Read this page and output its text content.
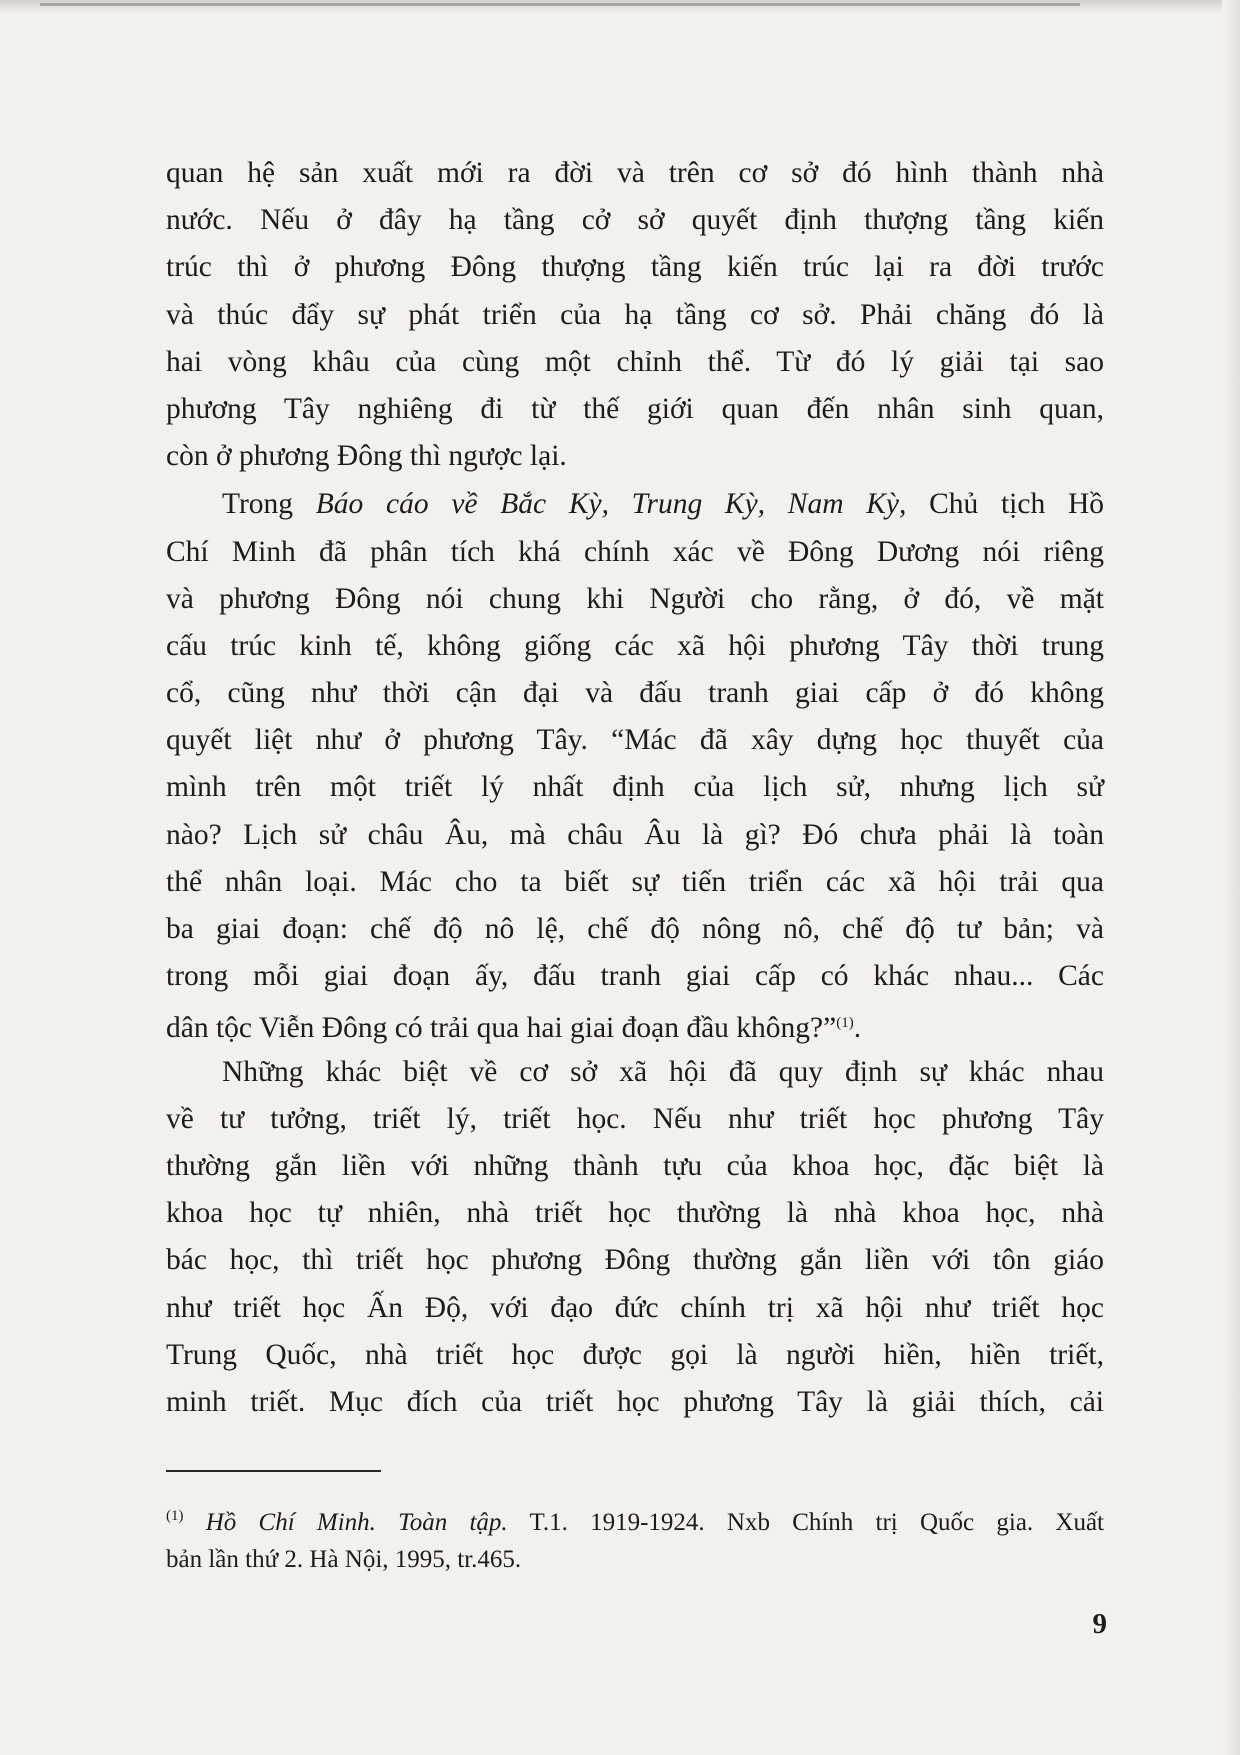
quan hệ sản xuất mới ra đời và trên cơ sở đó hình thành nhà
nước. Nếu ở đây hạ tầng cở sở quyết định thượng tầng kiến
trúc thì ở phương Đông thượng tầng kiến trúc lại ra đời trước
và thúc đẩy sự phát triển của hạ tầng cơ sở. Phải chăng đó là
hai vòng khâu của cùng một chỉnh thể. Từ đó lý giải tại sao
phương Tây nghiêng đi từ thế giới quan đến nhân sinh quan,
còn ở phương Đông thì ngược lại.
Trong Báo cáo về Bắc Kỳ, Trung Kỳ, Nam Kỳ, Chủ tịch Hồ
Chí Minh đã phân tích khá chính xác về Đông Dương nói riêng
và phương Đông nói chung khi Người cho rằng, ở đó, về mặt
cấu trúc kinh tế, không giống các xã hội phương Tây thời trung
cổ, cũng như thời cận đại và đấu tranh giai cấp ở đó không
quyết liệt như ở phương Tây. “Mác đã xây dựng học thuyết của
mình trên một triết lý nhất định của lịch sử, nhưng lịch sử
nào? Lịch sử châu Âu, mà châu Âu là gì? Đó chưa phải là toàn
thể nhân loại. Mác cho ta biết sự tiến triển các xã hội trải qua
ba giai đoạn: chế độ nô lệ, chế độ nông nô, chế độ tư bản; và
trong mỗi giai đoạn ấy, đấu tranh giai cấp có khác nhau... Các
dân tộc Viễn Đông có trải qua hai giai đoạn đầu không?”$^{(1)}$.
Những khác biệt về cơ sở xã hội đã quy định sự khác nhau
về tư tưởng, triết lý, triết học. Nếu như triết học phương Tây
thường gắn liền với những thành tựu của khoa học, đặc biệt là
khoa học tự nhiên, nhà triết học thường là nhà khoa học, nhà
bác học, thì triết học phương Đông thường gắn liền với tôn giáo
như triết học Ấn Độ, với đạo đức chính trị xã hội như triết học
Trung Quốc, nhà triết học được gọi là người hiền, hiền triết,
minh triết. Mục đích của triết học phương Tây là giải thích, cải
$^{(1)}$ Hồ Chí Minh. Toàn tập. T.1. 1919-1924. Nxb Chính trị Quốc gia. Xuất
bản lần thứ 2. Hà Nội, 1995, tr.465.
9
